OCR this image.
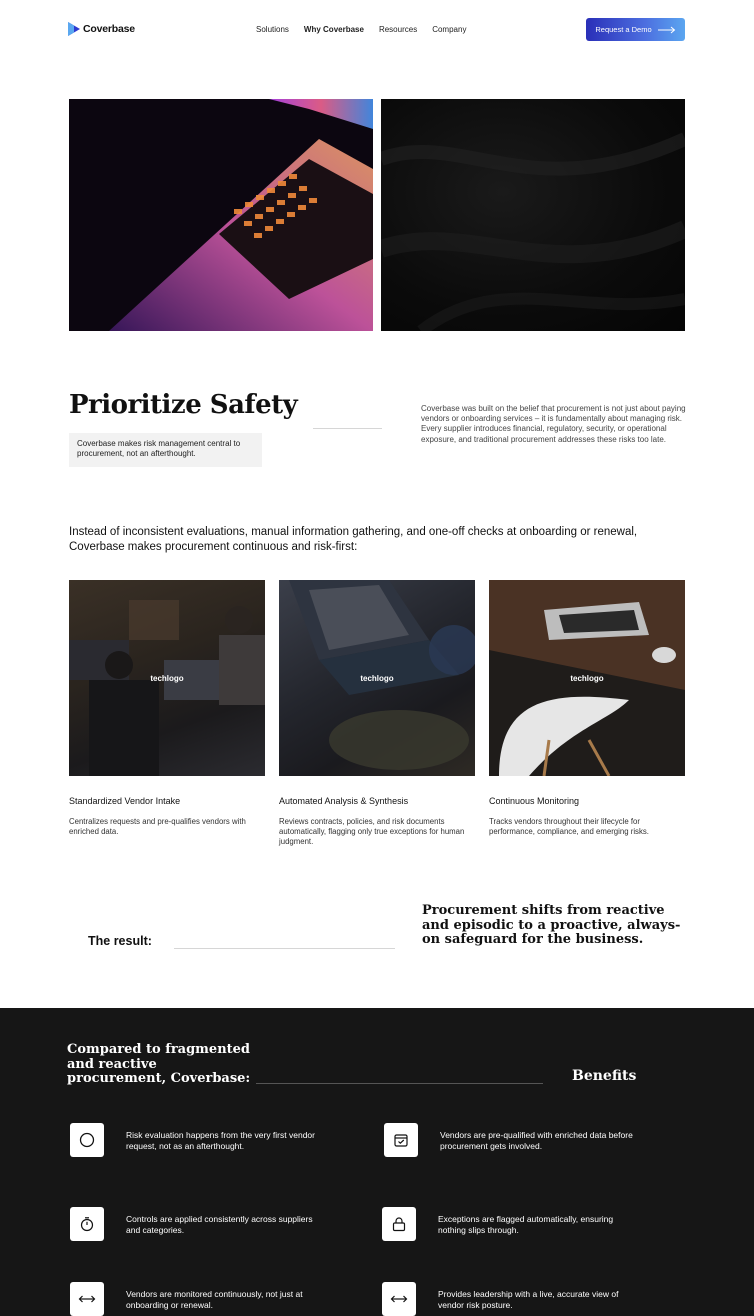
Coverbase	Solutions Why Coverbase Resources Company	Request a Demo
Prioritize Safety
Coverbase makes risk management central to procurement, not an afterthought.

Coverbase was built on the belief that procurement is not just about paying vendors or onboarding services – it is fundamentally about managing risk. Every supplier introduces financial, regulatory, security, or operational exposure, and traditional procurement addresses these risks too late.

Instead of inconsistent evaluations, manual information gathering, and one-off checks at onboarding or renewal, Coverbase makes procurement continuous and risk-first:

techlogo
Standardized Vendor Intake
Centralizes requests and pre-qualifies vendors with enriched data.
techlogo
Automated Analysis & Synthesis
Reviews contracts, policies, and risk documents automatically, flagging only true exceptions for human judgment.
techlogo
Continuous Monitoring
Tracks vendors throughout their lifecycle for performance, compliance, and emerging risks.
The result:
Procurement shifts from reactive and episodic to a proactive, always-on safeguard for the business.
Compared to fragmented and reactive procurement, Coverbase:	Benefits
Risk evaluation happens from the very first vendor request, not as an afterthought.
Vendors are pre-qualified with enriched data before procurement gets involved.
Controls are applied consistently across suppliers and categories.
Exceptions are flagged automatically, ensuring nothing slips through.
Vendors are monitored continuously, not just at onboarding or renewal.
Provides leadership with a live, accurate view of vendor risk posture.
